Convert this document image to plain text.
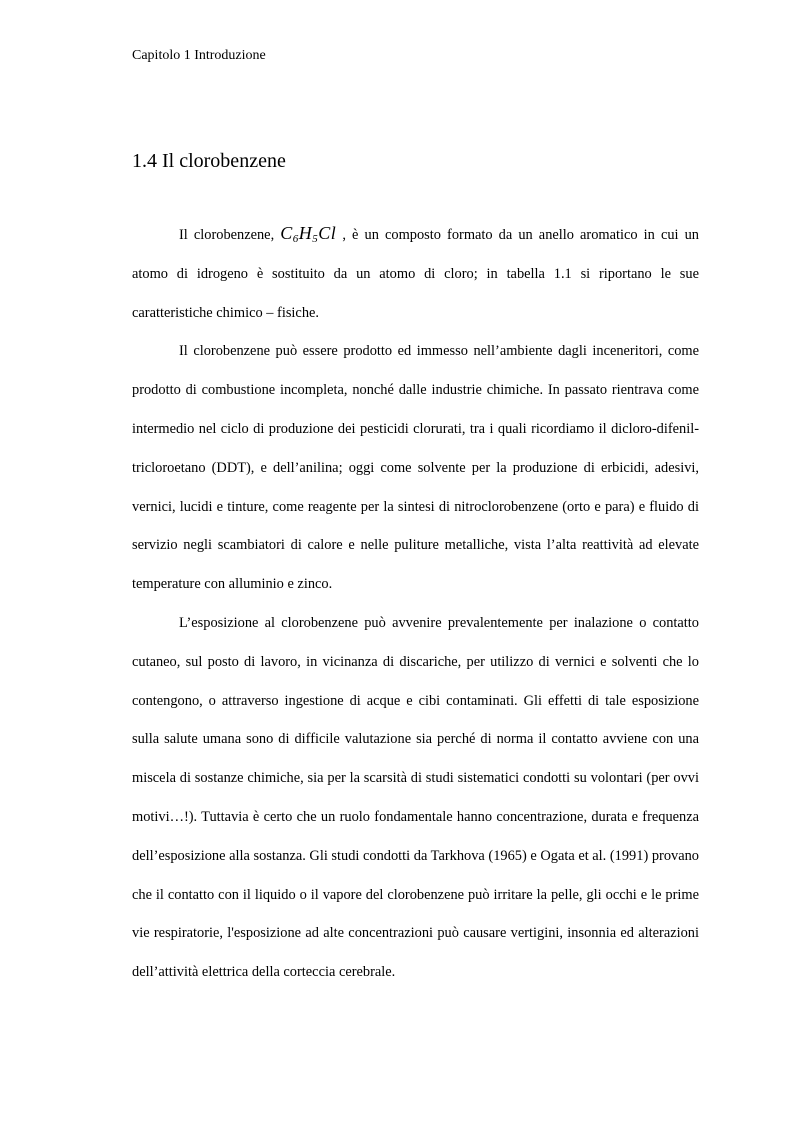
Capitolo 1 Introduzione
1.4 Il clorobenzene

Il clorobenzene, $C_6H_5Cl$ , è un composto formato da un anello aromatico in cui un atomo di idrogeno è sostituito da un atomo di cloro; in tabella 1.1 si riportano le sue caratteristiche chimico – fisiche.

Il clorobenzene può essere prodotto ed immesso nell’ambiente dagli inceneritori, come prodotto di combustione incompleta, nonché dalle industrie chimiche. In passato rientrava come intermedio nel ciclo di produzione dei pesticidi clorurati, tra i quali ricordiamo il dicloro-difenil-tricloroetano (DDT), e dell’anilina; oggi come solvente per la produzione di erbicidi, adesivi, vernici, lucidi e tinture, come reagente per la sintesi di nitroclorobenzene (orto e para) e fluido di servizio negli scambiatori di calore e nelle puliture metalliche, vista l’alta reattività ad elevate temperature con alluminio e zinco.

L’esposizione al clorobenzene può avvenire prevalentemente per inalazione o contatto cutaneo, sul posto di lavoro, in vicinanza di discariche, per utilizzo di vernici e solventi che lo contengono, o attraverso ingestione di acque e cibi contaminati. Gli effetti di tale esposizione sulla salute umana sono di difficile valutazione sia perché di norma il contatto avviene con una miscela di sostanze chimiche, sia per la scarsità di studi sistematici condotti su volontari (per ovvi motivi…!). Tuttavia è certo che un ruolo fondamentale hanno concentrazione, durata e frequenza dell’esposizione alla sostanza. Gli studi condotti da Tarkhova (1965) e Ogata et al. (1991) provano che il contatto con il liquido o il vapore del clorobenzene può irritare la pelle, gli occhi e le prime vie respiratorie, l'esposizione ad alte concentrazioni può causare vertigini, insonnia ed alterazioni dell’attività elettrica della corteccia cerebrale.
